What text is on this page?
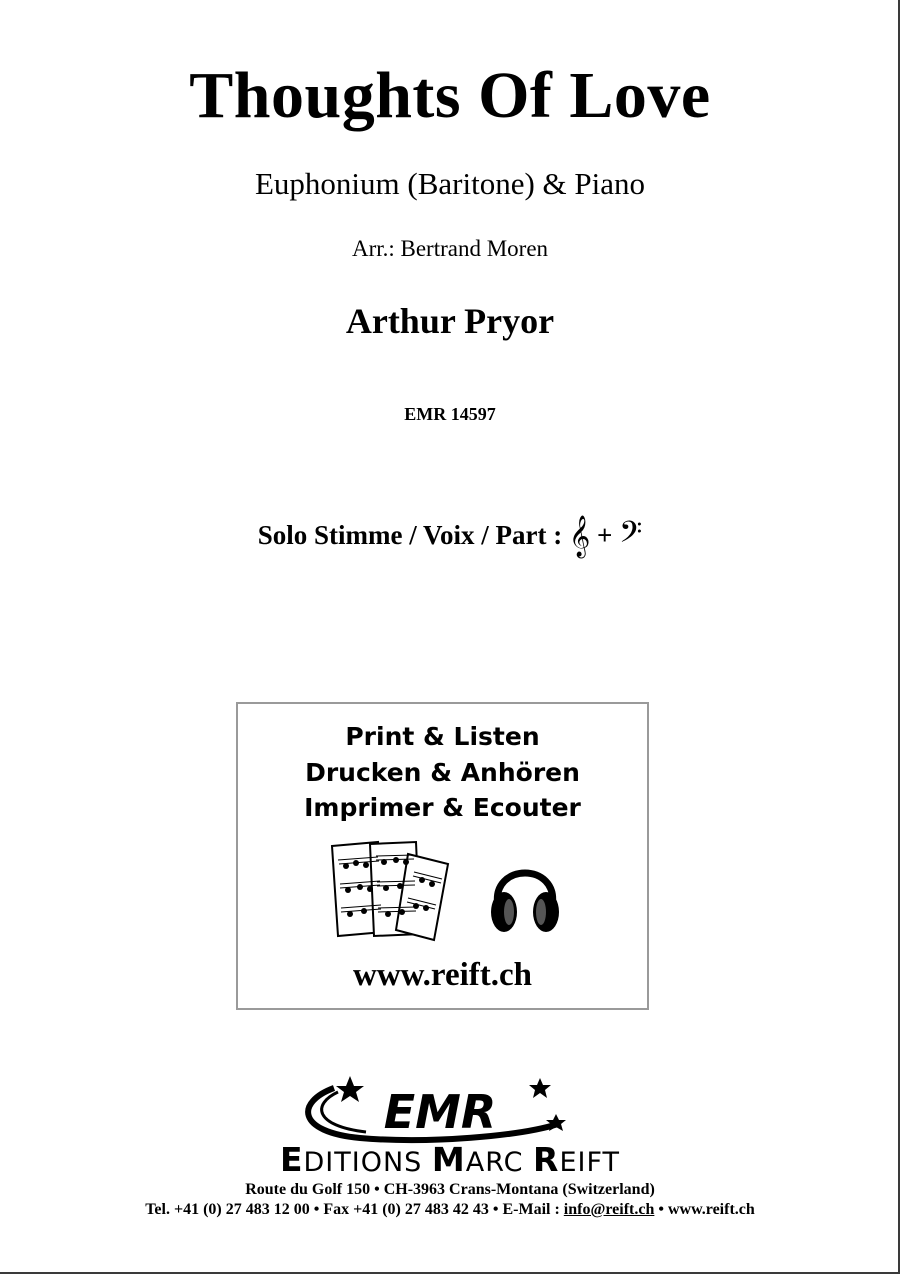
Thoughts Of Love
Euphonium (Baritone) & Piano
Arr.: Bertrand Moren
Arthur Pryor
EMR 14597
Solo Stimme / Voix / Part : 𝄞 + 𝄢
Print & Listen
Drucken & Anhören
Imprimer & Ecouter
www.reift.ch
EMR
EDITIONS MARC REIFT
Route du Golf 150 • CH-3963 Crans-Montana (Switzerland)
Tel. +41 (0) 27 483 12 00 • Fax +41 (0) 27 483 42 43 • E-Mail : info@reift.ch • www.reift.ch
